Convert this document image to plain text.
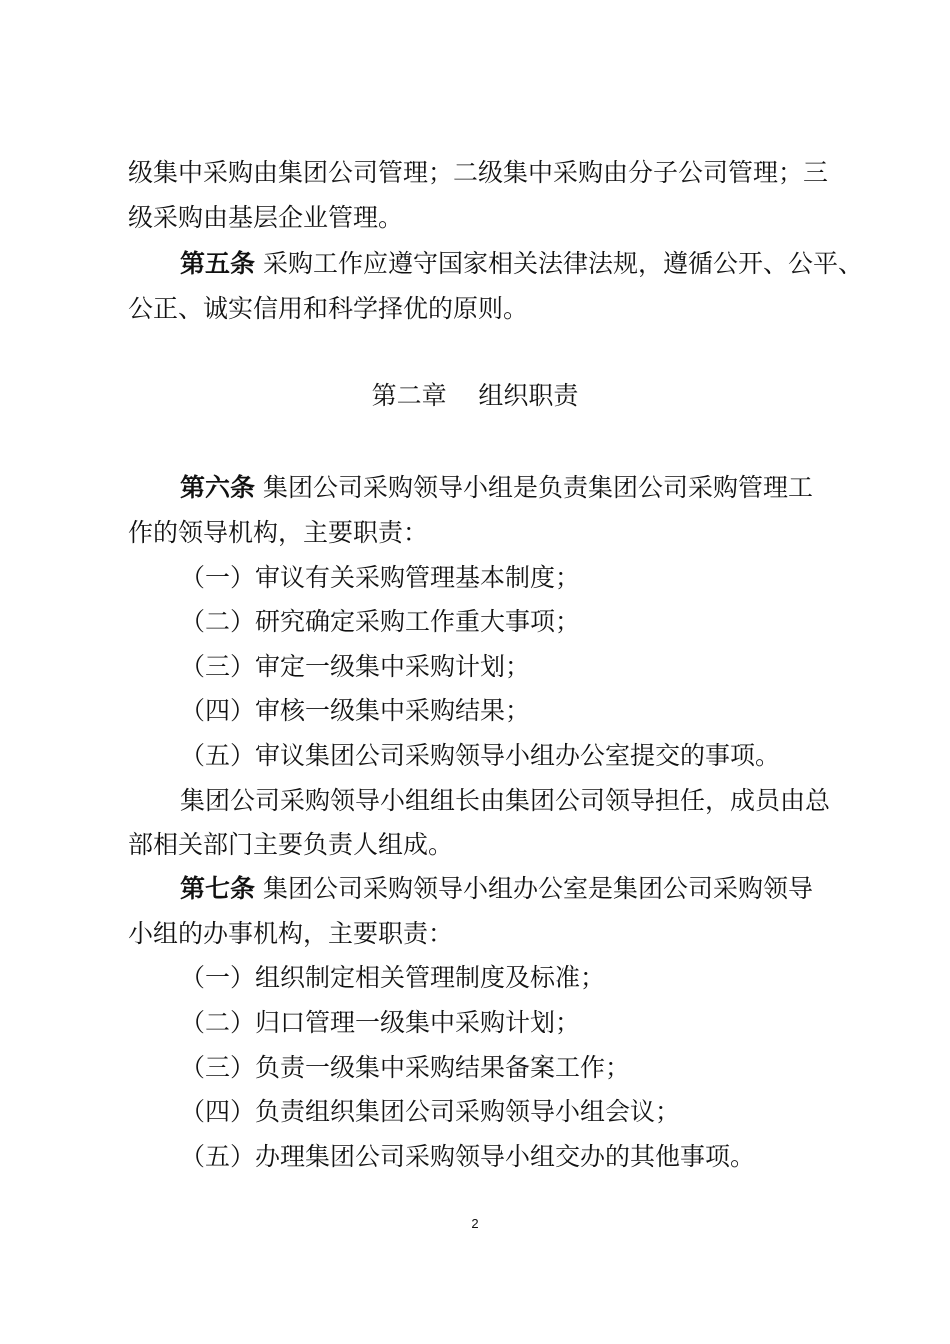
级集中采购由集团公司管理；二级集中采购由分子公司管理；三
级采购由基层企业管理。
第五条 采购工作应遵守国家相关法律法规，遵循公开、公平、
公正、诚实信用和科学择优的原则。
第二章    组织职责
第六条 集团公司采购领导小组是负责集团公司采购管理工
作的领导机构，主要职责：
（一）审议有关采购管理基本制度；
（二）研究确定采购工作重大事项；
（三）审定一级集中采购计划；
（四）审核一级集中采购结果；
（五）审议集团公司采购领导小组办公室提交的事项。
集团公司采购领导小组组长由集团公司领导担任，成员由总
部相关部门主要负责人组成。
第七条 集团公司采购领导小组办公室是集团公司采购领导
小组的办事机构，主要职责：
（一）组织制定相关管理制度及标准；
（二）归口管理一级集中采购计划；
（三）负责一级集中采购结果备案工作；
（四）负责组织集团公司采购领导小组会议；
（五）办理集团公司采购领导小组交办的其他事项。
2
